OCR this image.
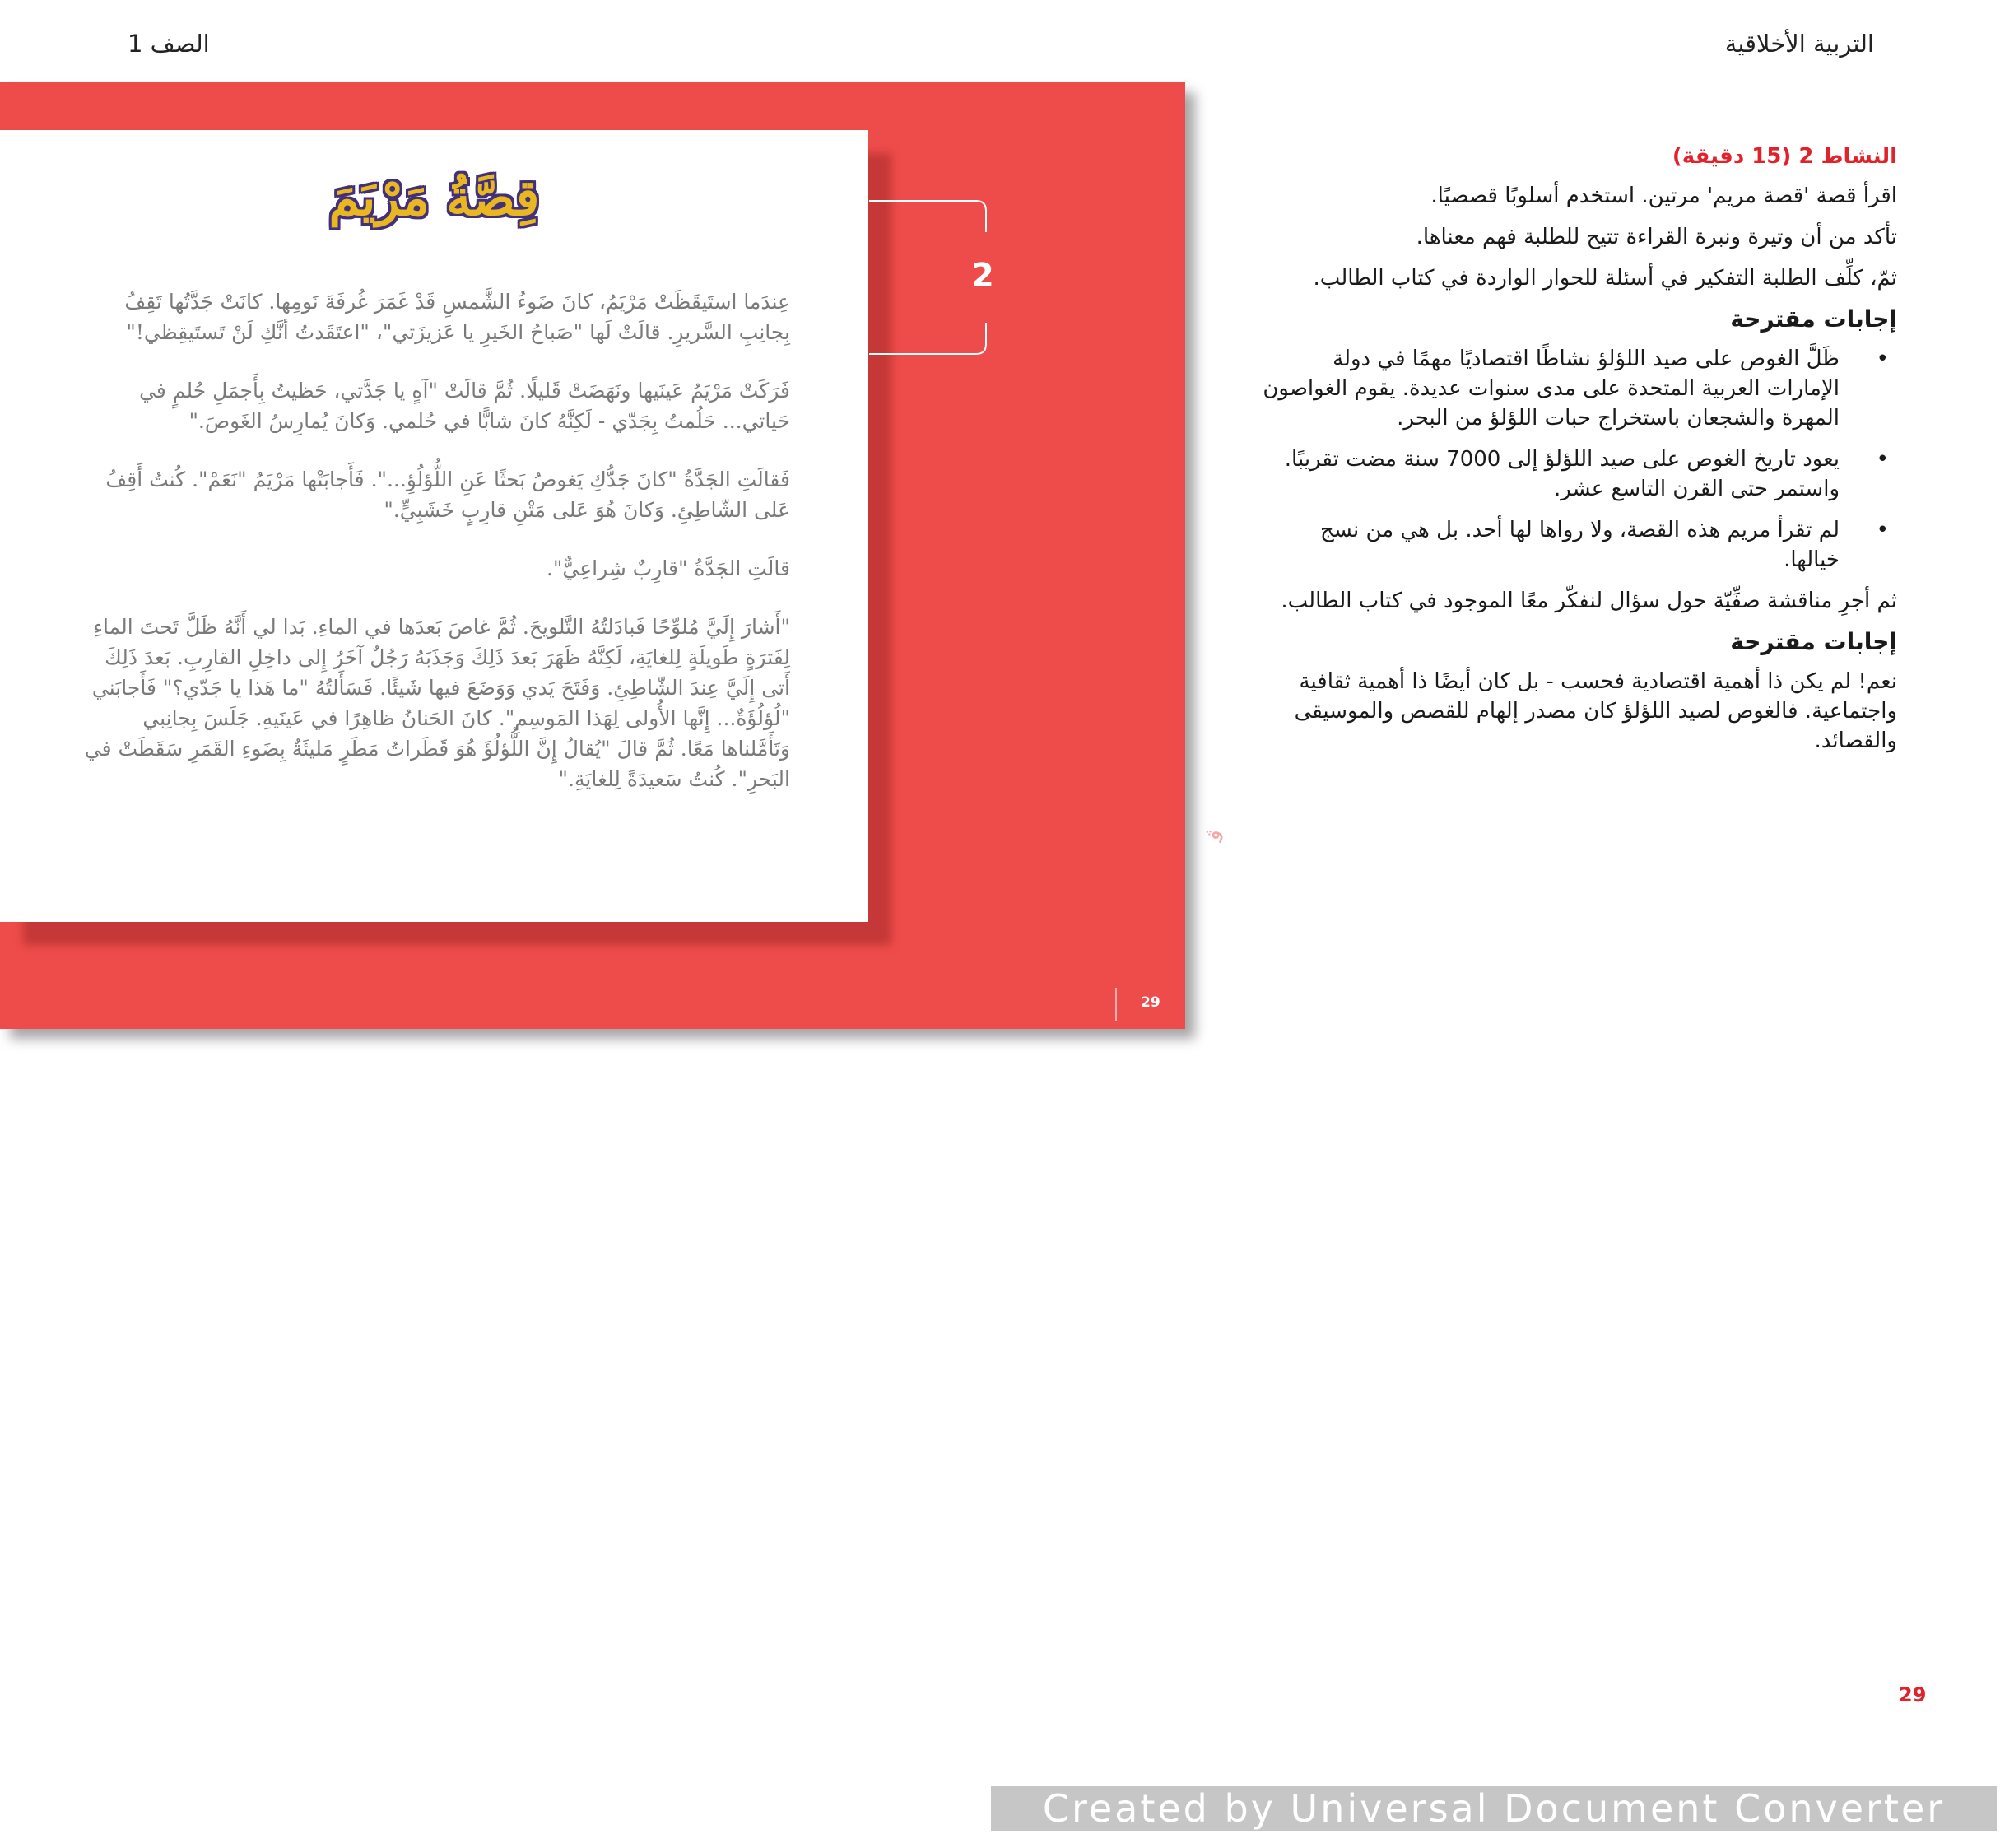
التربية الأخلاقية
الصف 1
قِصَّةُ مَرْيَمَ

عِندَما استَيقَظَتْ مَرْيَمُ، كانَ ضَوءُ الشَّمسِ قَدْ غَمَرَ غُرفَةَ نَومِها. كانَتْ جَدَّتُها تَقِفُ بِجانِبِ السَّريرِ. قالَتْ لَها "صَباحُ الخَيرِ يا عَزيزَتي"، "اعتَقَدتُ أنَّكِ لَنْ تَستَيقِظي!"

فَرَكَتْ مَرْيَمُ عَينَيها ونَهَضَتْ قَليلًا. ثُمَّ قالَتْ "آهٍ يا جَدَّتي، حَظيتُ بِأَجمَلِ حُلمٍ في حَياتي... حَلُمتُ بِجَدّي - لَكِنَّهُ كانَ شابًّا في حُلمي. وَكانَ يُمارِسُ الغَوصَ."

فَقالَتِ الجَدَّةُ "كانَ جَدُّكِ يَغوصُ بَحثًا عَنِ اللُّؤلُؤِ...". فَأَجابَتْها مَرْيَمُ "نَعَمْ". كُنتُ أَقِفُ عَلى الشّاطِئِ. وَكانَ هُوَ عَلى مَتْنِ قارِبٍ خَشَبِيٍّ."

قالَتِ الجَدَّةُ "قارِبٌ شِراعِيٌّ".

"أَشارَ إِلَيَّ مُلوِّحًا فَبادَلتُهُ التَّلويحَ. ثُمَّ غاصَ بَعدَها في الماءِ. بَدا لي أَنَّهُ ظَلَّ تَحتَ الماءِ لِفَترَةٍ طَويلَةٍ لِلغايَةِ، لَكِنَّهُ ظَهَرَ بَعدَ ذَلِكَ وَجَذَبَهُ رَجُلٌ آخَرُ إِلى داخِلِ القارِبِ. بَعدَ ذَلِكَ أَتى إِلَيَّ عِندَ الشّاطِئِ. وَفَتَحَ يَدي وَوَضَعَ فيها شَيئًا. فَسَأَلتُهُ "ما هَذا يا جَدّي؟" فَأَجابَني "لُؤلُؤَةٌ... إِنَّها الأُولى لِهَذا المَوسِمِ". كانَ الحَنانُ ظاهِرًا في عَينَيهِ. جَلَسَ بِجانِبي وَتَأَمَّلناها مَعًا. ثُمَّ قالَ "يُقالُ إِنَّ اللُّؤلُؤَ هُوَ قَطَراتُ مَطَرٍ مَليئَةٌ بِضَوءِ القَمَرِ سَقَطَتْ في البَحرِ". كُنتُ سَعيدَةً لِلغايَةِ."

2
29
ﭬ

النشاط 2 (15 دقيقة)

اقرأ قصة 'قصة مريم' مرتين. استخدم أسلوبًا قصصيًا.

تأكد من أن وتيرة ونبرة القراءة تتيح للطلبة فهم معناها.

ثمّ، كلِّف الطلبة التفكير في أسئلة للحوار الواردة في كتاب الطالب.

إجابات مقترحة
• ظَلَّ الغوص على صيد اللؤلؤ نشاطًا اقتصاديًا مهمًا في دولة الإمارات العربية المتحدة على مدى سنوات عديدة. يقوم الغواصون المهرة والشجعان باستخراج حبات اللؤلؤ من البحر.
• يعود تاريخ الغوص على صيد اللؤلؤ إلى 7000 سنة مضت تقريبًا. واستمر حتى القرن التاسع عشر.
• لم تقرأ مريم هذه القصة، ولا رواها لها أحد. بل هي من نسج خيالها.

ثم أجرِ مناقشة صفِّيّة حول سؤال لنفكّر معًا الموجود في كتاب الطالب.

إجابات مقترحة

نعم! لم يكن ذا أهمية اقتصادية فحسب - بل كان أيضًا ذا أهمية ثقافية واجتماعية. فالغوص لصيد اللؤلؤ كان مصدر إلهام للقصص والموسيقى والقصائد.

29
Created by Universal Document Converter
